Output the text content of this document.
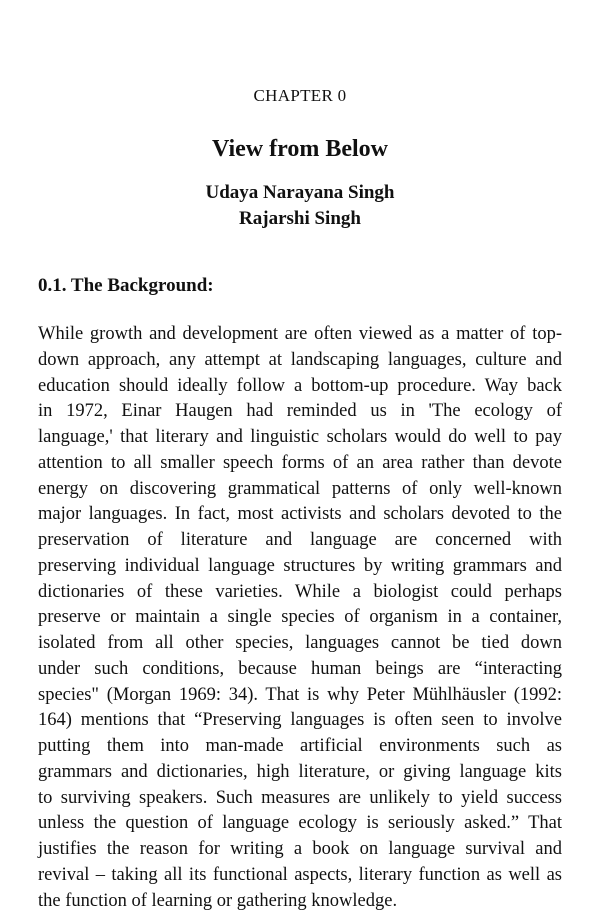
CHAPTER 0
View from Below
Udaya Narayana Singh
Rajarshi Singh
0.1. The Background:
While growth and development are often viewed as a matter of top-
down approach, any attempt at landscaping languages, culture and
education should ideally follow a bottom-up procedure. Way back
in 1972, Einar Haugen had reminded us in 'The ecology of
language,' that literary and linguistic scholars would do well to pay
attention to all smaller speech forms of an area rather than devote
energy on discovering grammatical patterns of only well-known
major languages. In fact, most activists and scholars devoted to the
preservation of literature and language are concerned with
preserving individual language structures by writing grammars and
dictionaries of these varieties. While a biologist could perhaps
preserve or maintain a single species of organism in a container,
isolated from all other species, languages cannot be tied down
under such conditions, because human beings are “interacting
species" (Morgan 1969: 34). That is why Peter Mühlhäusler (1992:
164) mentions that “Preserving languages is often seen to involve
putting them into man-made artificial environments such as
grammars and dictionaries, high literature, or giving language kits
to surviving speakers. Such measures are unlikely to yield success
unless the question of language ecology is seriously asked.” That
justifies the reason for writing a book on language survival and
revival – taking all its functional aspects, literary function as well as
the function of learning or gathering knowledge.
